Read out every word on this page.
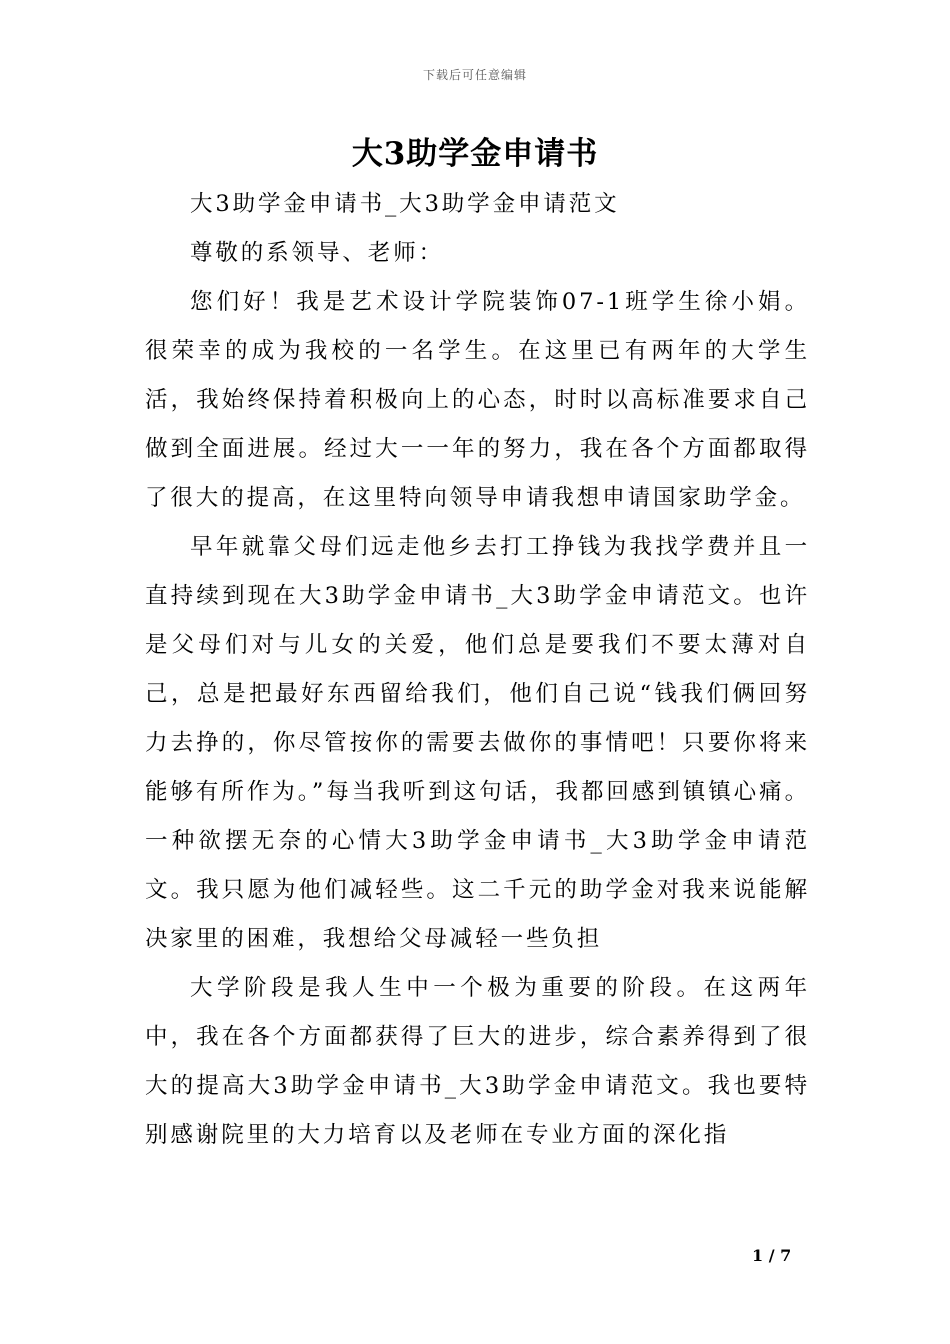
下载后可任意编辑
大3助学金申请书

大3助学金申请书_大3助学金申请范文

尊敬的系领导、老师：

您们好！我是艺术设计学院装饰07-1班学生徐小娟。很荣幸的成为我校的一名学生。在这里已有两年的大学生活，我始终保持着积极向上的心态，时时以高标准要求自己做到全面进展。经过大一一年的努力，我在各个方面都取得了很大的提高，在这里特向领导申请我想申请国家助学金。

早年就靠父母们远走他乡去打工挣钱为我找学费并且一直持续到现在大3助学金申请书_大3助学金申请范文。也许是父母们对与儿女的关爱，他们总是要我们不要太薄对自己，总是把最好东西留给我们，他们自己说“钱我们俩回努力去挣的，你尽管按你的需要去做你的事情吧！只要你将来能够有所作为。”每当我听到这句话，我都回感到镇镇心痛。一种欲摆无奈的心情大3助学金申请书_大3助学金申请范文。我只愿为他们减轻些。这二千元的助学金对我来说能解决家里的困难，我想给父母减轻一些负担

大学阶段是我人生中一个极为重要的阶段。在这两年中，我在各个方面都获得了巨大的进步，综合素养得到了很大的提高大3助学金申请书_大3助学金申请范文。我也要特别感谢院里的大力培育以及老师在专业方面的深化指

1 / 7
